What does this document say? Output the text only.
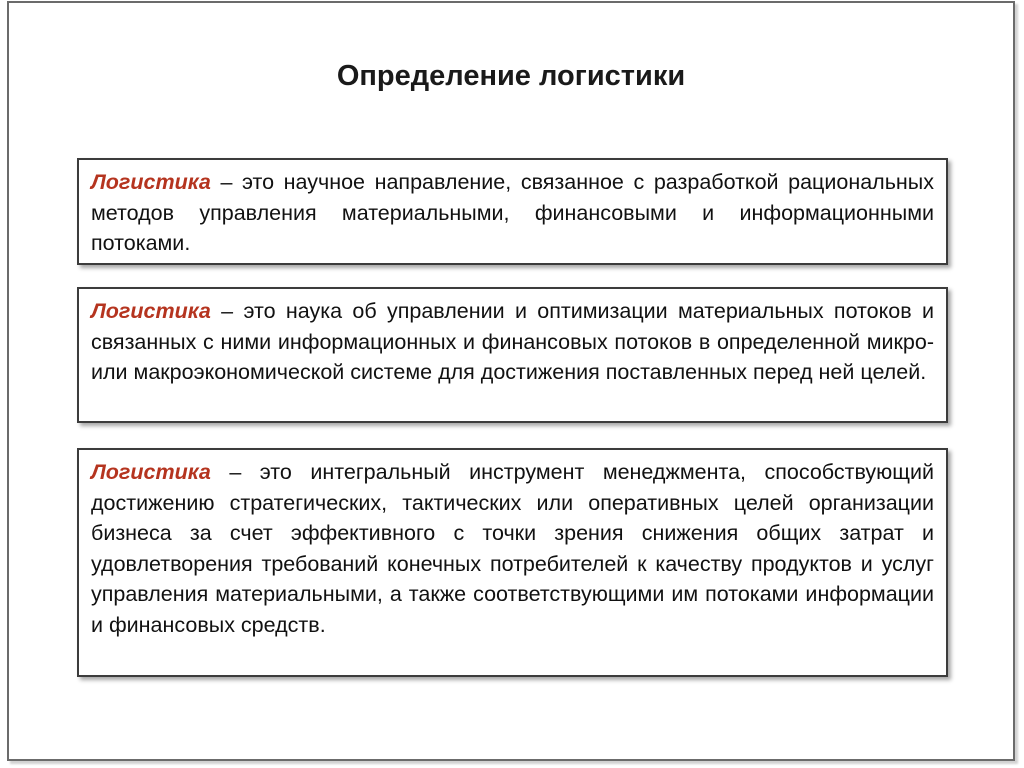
Определение логистики
Логистика – это научное направление, связанное с разработкой рациональных методов управления материальными, финансовыми и информационными потоками.
Логистика – это наука об управлении и оптимизации материальных потоков и связанных с ними информационных и финансовых потоков в определенной микро- или макроэкономической системе для достижения поставленных перед ней целей.
Логистика – это интегральный инструмент менеджмента, способствующий достижению стратегических, тактических или оперативных целей организации бизнеса за счет эффективного с точки зрения снижения общих затрат и удовлетворения требований конечных потребителей к качеству продуктов и услуг управления материальными, а также соответствующими им потоками информации и финансовых средств.
